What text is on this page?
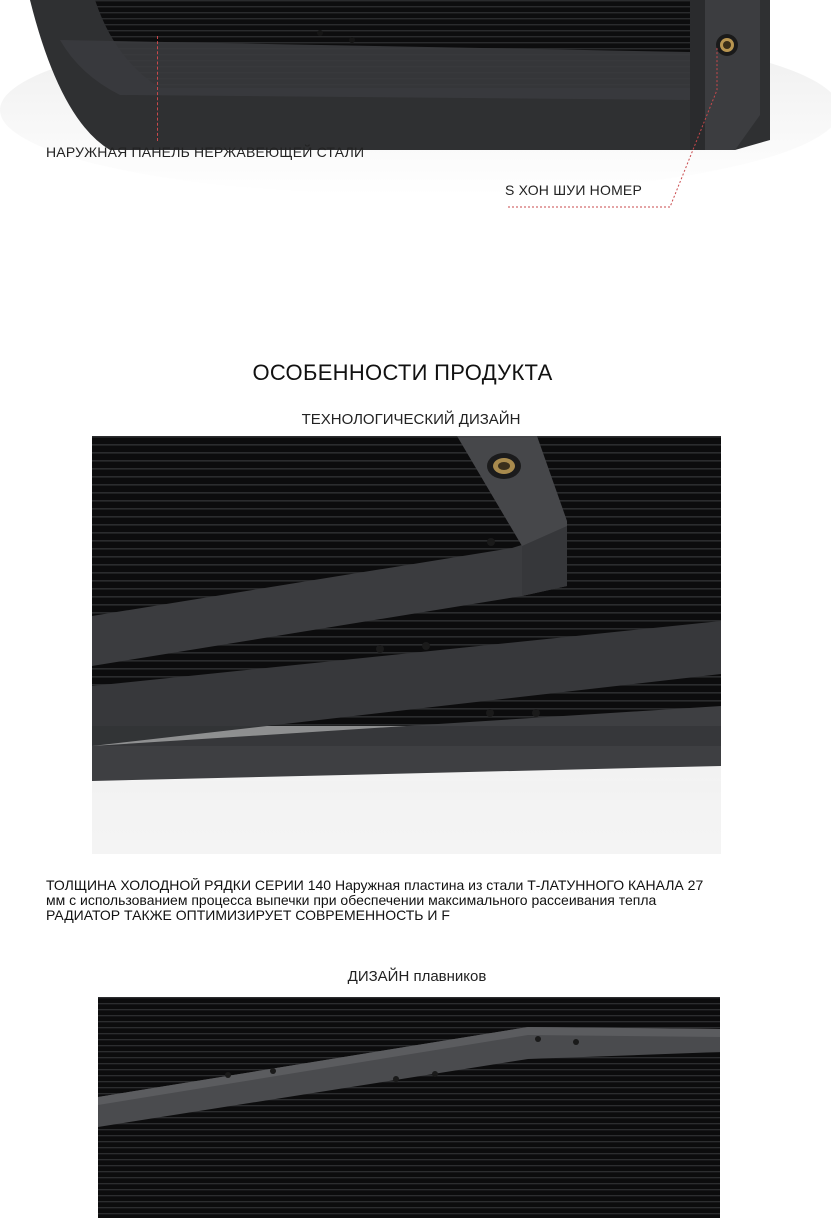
НАРУЖНАЯ ПАНЕЛЬ НЕРЖАВЕЮЩЕЙ СТАЛИ
S ХОН ШУИ НОМЕР
ОСОБЕННОСТИ ПРОДУКТА
ТЕХНОЛОГИЧЕСКИЙ ДИЗАЙН
ТОЛЩИНА ХОЛОДНОЙ РЯДКИ СЕРИИ 140 Наружная пластина из стали Т-ЛАТУННОГО КАНАЛА 27
мм с использованием процесса выпечки при обеспечении максимального рассеивания тепла
РАДИАТОР ТАКЖЕ ОПТИМИЗИРУЕТ СОВРЕМЕННОСТЬ И F
ДИЗАЙН плавников
